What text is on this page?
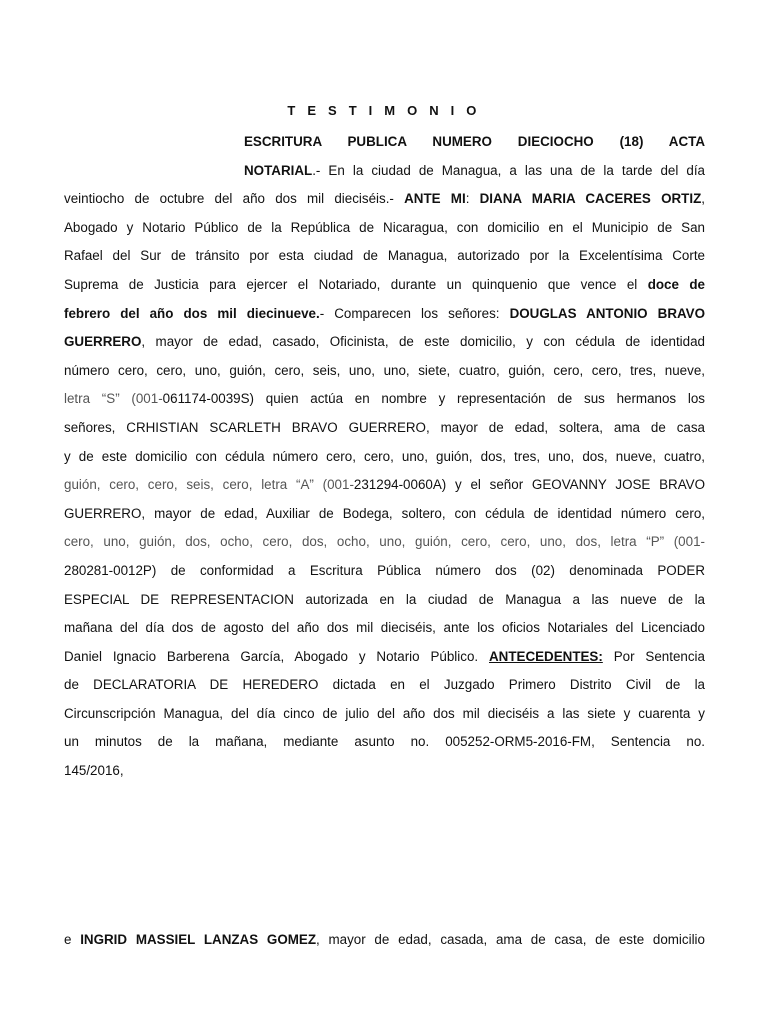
T E S T I M O N I O
ESCRITURA PUBLICA NUMERO DIECIOCHO (18) ACTA
NOTARIAL.- En la ciudad de Managua, a las una de la tarde del día
veintiocho de octubre del año dos mil dieciséis.- ANTE MI: DIANA MARIA CACERES ORTIZ,
Abogado y Notario Público de la República de Nicaragua, con domicilio en el Municipio de San
Rafael del Sur de tránsito por esta ciudad de Managua, autorizado por la Excelentísima Corte
Suprema de Justicia para ejercer el Notariado, durante un quinquenio que vence el doce de
febrero del año dos mil diecinueve.- Comparecen los señores: DOUGLAS ANTONIO BRAVO
GUERRERO, mayor de edad, casado, Oficinista, de este domicilio, y con cédula de identidad
número cero, cero, uno, guión, cero, seis, uno, uno, siete, cuatro, guión, cero, cero, tres, nueve,
letra “S” (001-061174-0039S) quien actúa en nombre y representación de sus hermanos los
señores, CRHISTIAN SCARLETH BRAVO GUERRERO, mayor de edad, soltera, ama de casa
y de este domicilio con cédula número cero, cero, uno, guión, dos, tres, uno, dos, nueve, cuatro,
guión, cero, cero, seis, cero, letra “A” (001-231294-0060A) y el señor GEOVANNY JOSE BRAVO
GUERRERO, mayor de edad, Auxiliar de Bodega, soltero, con cédula de identidad número cero,
cero, uno, guión, dos, ocho, cero, dos, ocho, uno, guión, cero, cero, uno, dos, letra “P” (001-
280281-0012P) de conformidad a Escritura Pública número dos (02) denominada PODER
ESPECIAL DE REPRESENTACION autorizada en la ciudad de Managua a las nueve de la
mañana del día dos de agosto del año dos mil dieciséis, ante los oficios Notariales del Licenciado
Daniel Ignacio Barberena García, Abogado y Notario Público. ANTECEDENTES: Por Sentencia
de DECLARATORIA DE HEREDERO dictada en el Juzgado Primero Distrito Civil de la
Circunscripción Managua, del día cinco de julio del año dos mil dieciséis a las siete y cuarenta y
un minutos de la mañana, mediante asunto no. 005252-ORM5-2016-FM, Sentencia no.
145/2016,
e INGRID MASSIEL LANZAS GOMEZ, mayor de edad, casada, ama de casa, de este domicilio
